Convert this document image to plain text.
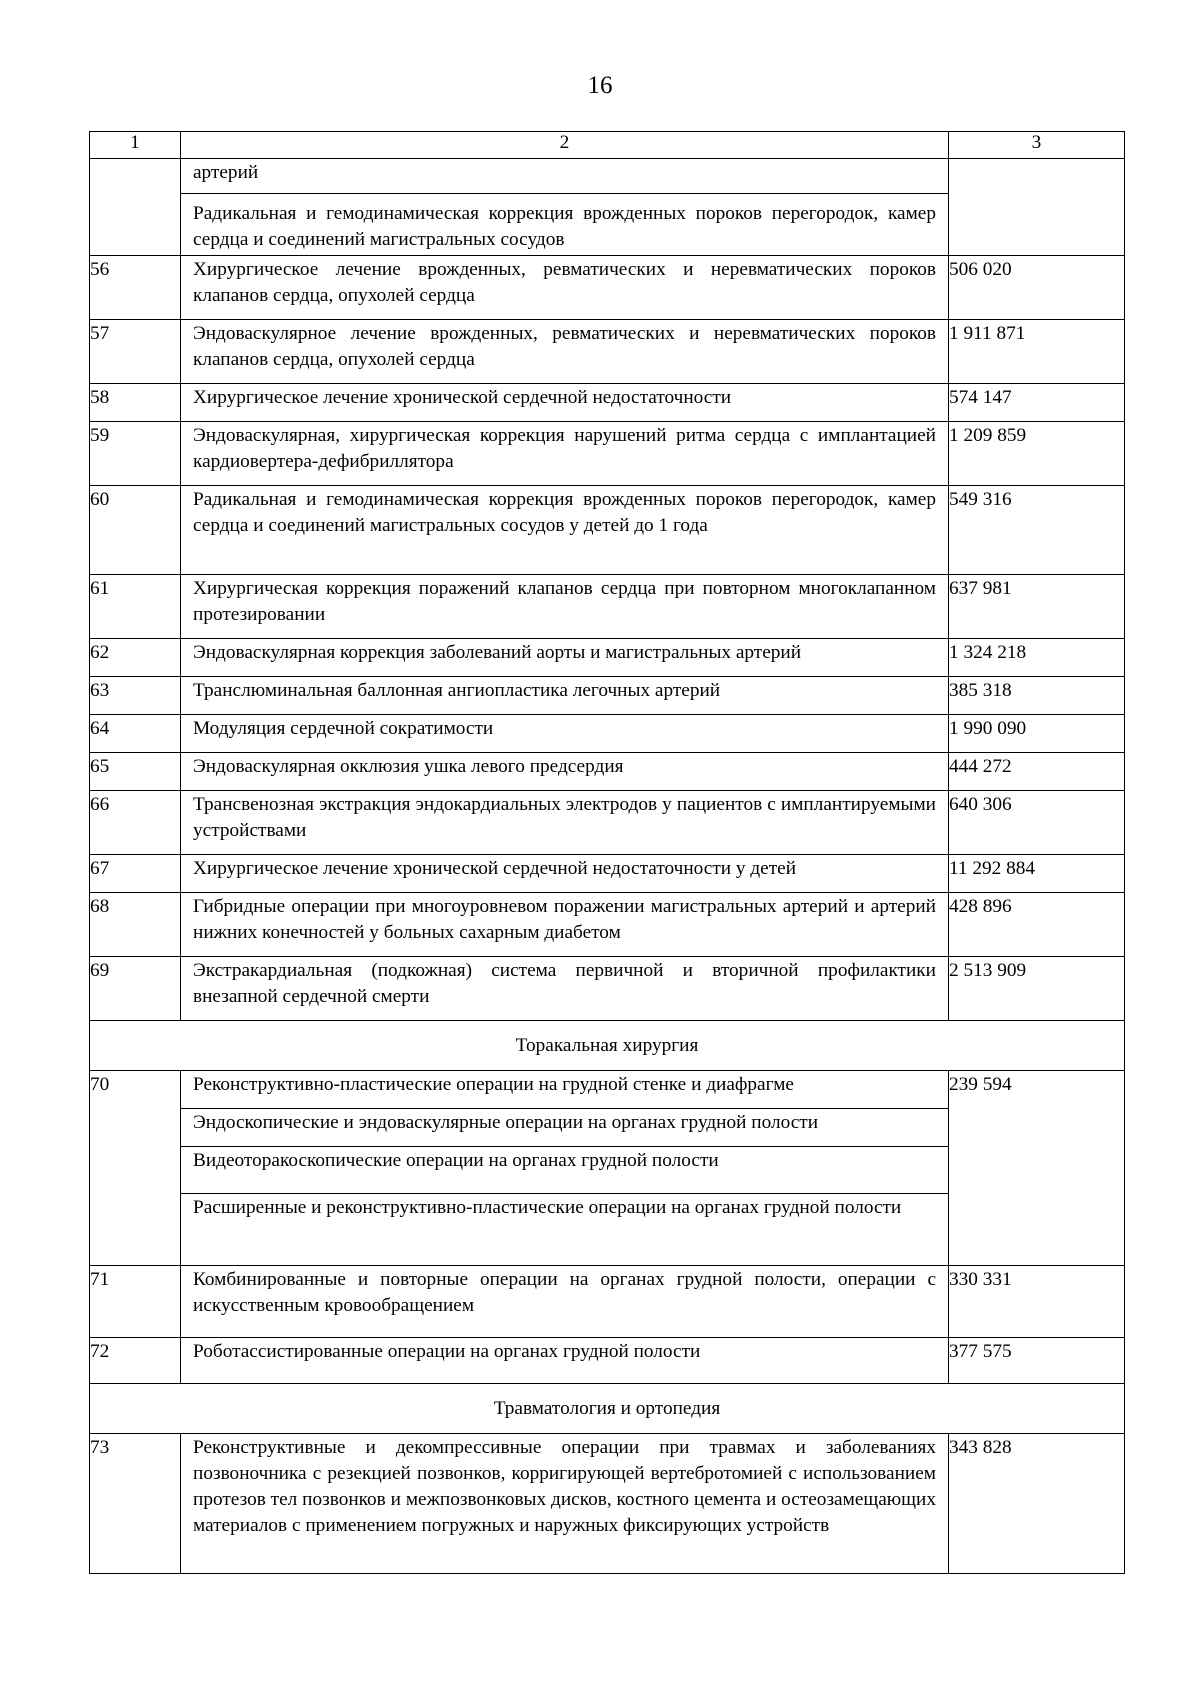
16
1	2	3

	артерий	

	Радикальная и гемодинамическая коррекция врожденных пороков перегородок, камер сердца и соединений магистральных сосудов	

56	Хирургическое лечение врожденных, ревматических и неревматических пороков клапанов сердца, опухолей сердца	506 020

57	Эндоваскулярное лечение врожденных, ревматических и неревматических пороков клапанов сердца, опухолей сердца	1 911 871

58	Хирургическое лечение хронической сердечной недостаточности	574 147

59	Эндоваскулярная, хирургическая коррекция нарушений ритма сердца с имплантацией кардиовертера-дефибриллятора	1 209 859

60	Радикальная и гемодинамическая коррекция врожденных пороков перегородок, камер сердца и соединений магистральных сосудов у детей до 1 года	549 316

61	Хирургическая коррекция поражений клапанов сердца при повторном многоклапанном протезировании	637 981

62	Эндоваскулярная коррекция заболеваний аорты и магистральных артерий	1 324 218

63	Транслюминальная баллонная ангиопластика легочных артерий	385 318

64	Модуляция сердечной сократимости	1 990 090

65	Эндоваскулярная окклюзия ушка левого предсердия	444 272

66	Трансвенозная экстракция эндокардиальных электродов у пациентов с имплантируемыми устройствами	640 306

67	Хирургическое лечение хронической сердечной недостаточности у детей	11 292 884

68	Гибридные операции при многоуровневом поражении магистральных артерий и артерий нижних конечностей у больных сахарным диабетом	428 896

69	Экстракардиальная (подкожная) система первичной и вторичной профилактики внезапной сердечной смерти	2 513 909

Торакальная хирургия		

70	Реконструктивно-пластические операции на грудной стенке и диафрагме	239 594

	Эндоскопические и эндоваскулярные операции на органах грудной полости	

	Видеоторакоскопические операции на органах грудной полости	

	Расширенные и реконструктивно-пластические операции на органах грудной полости	

71	Комбинированные и повторные операции на органах грудной полости, операции с искусственным кровообращением	330 331

72	Роботассистированные операции на органах грудной полости	377 575

Травматология и ортопедия		

73	Реконструктивные и декомпрессивные операции при травмах и заболеваниях позвоночника с резекцией позвонков, корригирующей вертебротомией с использованием протезов тел позвонков и межпозвонковых дисков, костного цемента и остеозамещающих материалов с применением погружных и наружных фиксирующих устройств	343 828
